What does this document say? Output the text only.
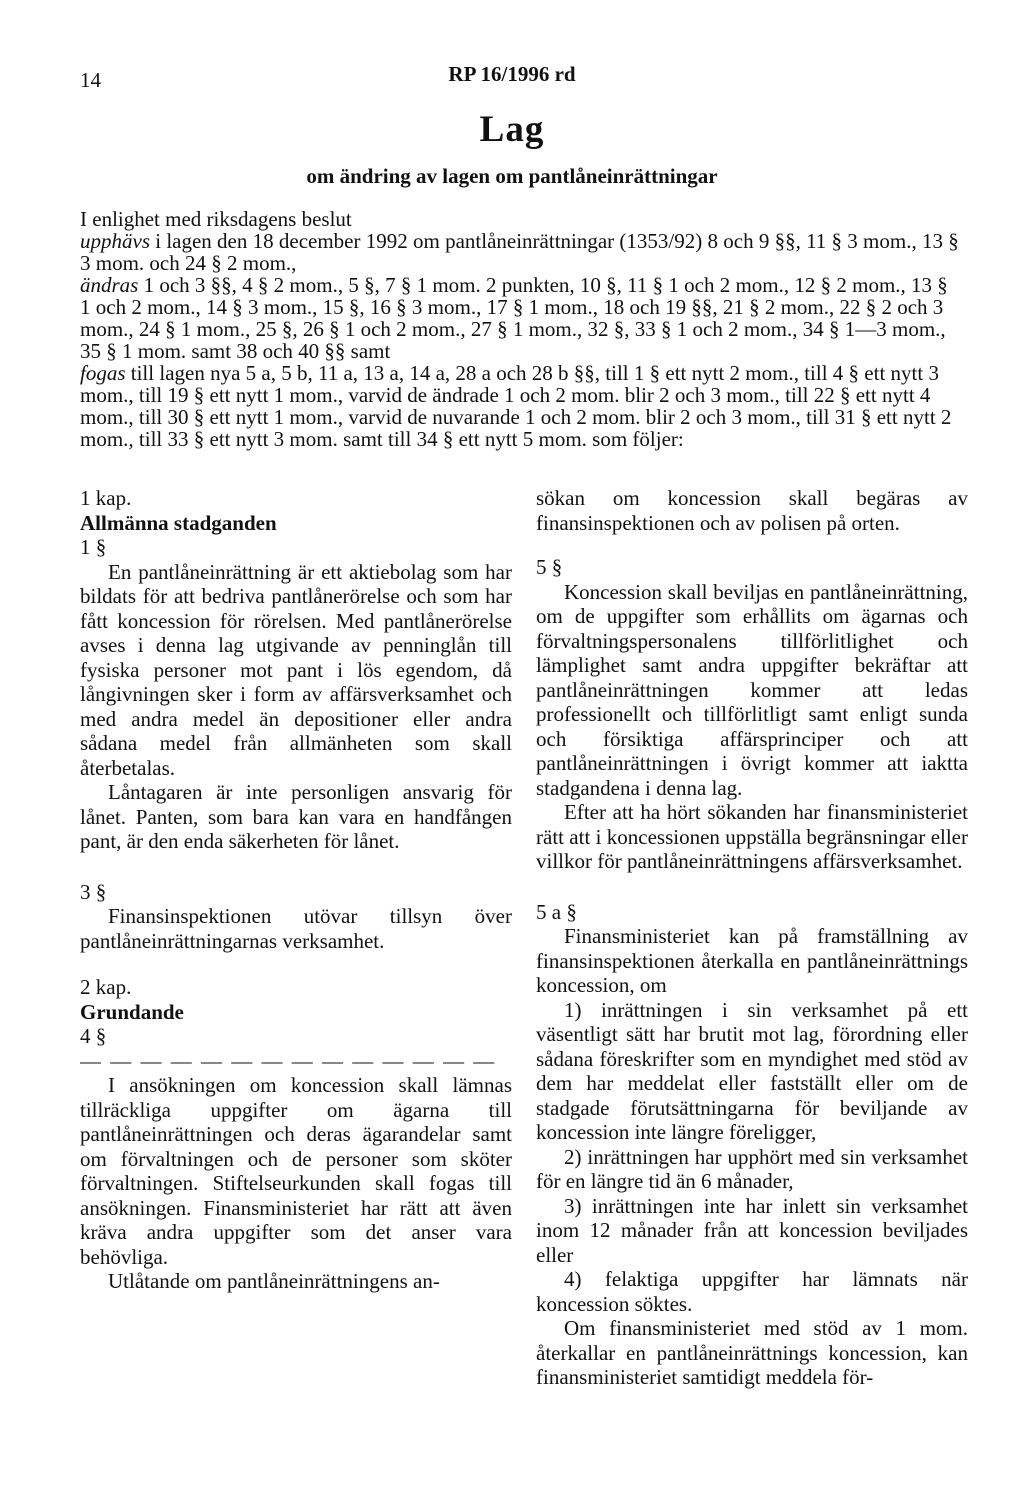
14	RP 16/1996 rd
Lag
om ändring av lagen om pantlåneinrättningar

I enlighet med riksdagens beslut

upphävs i lagen den 18 december 1992 om pantlåneinrättningar (1353/92) 8 och 9 §§, 11 § 3 mom., 13 § 3 mom. och 24 § 2 mom.,

ändras 1 och 3 §§, 4 § 2 mom., 5 §, 7 § 1 mom. 2 punkten, 10 §, 11 § 1 och 2 mom., 12 § 2 mom., 13 § 1 och 2 mom., 14 § 3 mom., 15 §, 16 § 3 mom., 17 § 1 mom., 18 och 19 §§, 21 § 2 mom., 22 § 2 och 3 mom., 24 § 1 mom., 25 §, 26 § 1 och 2 mom., 27 § 1 mom., 32 §, 33 § 1 och 2 mom., 34 § 1—3 mom., 35 § 1 mom. samt 38 och 40 §§ samt

fogas till lagen nya 5 a, 5 b, 11 a, 13 a, 14 a, 28 a och 28 b §§, till 1 § ett nytt 2 mom., till 4 § ett nytt 3 mom., till 19 § ett nytt 1 mom., varvid de ändrade 1 och 2 mom. blir 2 och 3 mom., till 22 § ett nytt 4 mom., till 30 § ett nytt 1 mom., varvid de nuvarande 1 och 2 mom. blir 2 och 3 mom., till 31 § ett nytt 2 mom., till 33 § ett nytt 3 mom. samt till 34 § ett nytt 5 mom. som följer:

1 kap.

Allmänna stadganden

1 §

En pantlåneinrättning är ett aktiebolag som har bildats för att bedriva pantlånerörelse och som har fått koncession för rörelsen. Med pantlånerörelse avses i denna lag utgivande av penninglån till fysiska personer mot pant i lös egendom, då långivningen sker i form av affärsverksamhet och med andra medel än depositioner eller andra sådana medel från allmänheten som skall återbetalas.

Låntagaren är inte personligen ansvarig för lånet. Panten, som bara kan vara en handfången pant, är den enda säkerheten för lånet.

3 §

Finansinspektionen utövar tillsyn över pantlåneinrättningarnas verksamhet.

2 kap.

Grundande

4 §

— — — — — — — — — — — — — —

I ansökningen om koncession skall lämnas tillräckliga uppgifter om ägarna till pantlåneinrättningen och deras ägarandelar samt om förvaltningen och de personer som sköter förvaltningen. Stiftelseurkunden skall fogas till ansökningen. Finansministeriet har rätt att även kräva andra uppgifter som det anser vara behövliga.

Utlåtande om pantlåneinrättningens an-

sökan om koncession skall begäras av finansinspektionen och av polisen på orten.

5 §

Koncession skall beviljas en pantlåneinrättning, om de uppgifter som erhållits om ägarnas och förvaltningspersonalens tillförlitlighet och lämplighet samt andra uppgifter bekräftar att pantlåneinrättningen kommer att ledas professionellt och tillförlitligt samt enligt sunda och försiktiga affärsprinciper och att pantlåneinrättningen i övrigt kommer att iaktta stadgandena i denna lag.

Efter att ha hört sökanden har finansministeriet rätt att i koncessionen uppställa begränsningar eller villkor för pantlåneinrättningens affärsverksamhet.

5 a §

Finansministeriet kan på framställning av finansinspektionen återkalla en pantlåneinrättnings koncession, om

1) inrättningen i sin verksamhet på ett väsentligt sätt har brutit mot lag, förordning eller sådana föreskrifter som en myndighet med stöd av dem har meddelat eller fastställt eller om de stadgade förutsättningarna för beviljande av koncession inte längre föreligger,

2) inrättningen har upphört med sin verksamhet för en längre tid än 6 månader,

3) inrättningen inte har inlett sin verksamhet inom 12 månader från att koncession beviljades eller

4) felaktiga uppgifter har lämnats när koncession söktes.

Om finansministeriet med stöd av 1 mom. återkallar en pantlåneinrättnings koncession, kan finansministeriet samtidigt meddela för-
